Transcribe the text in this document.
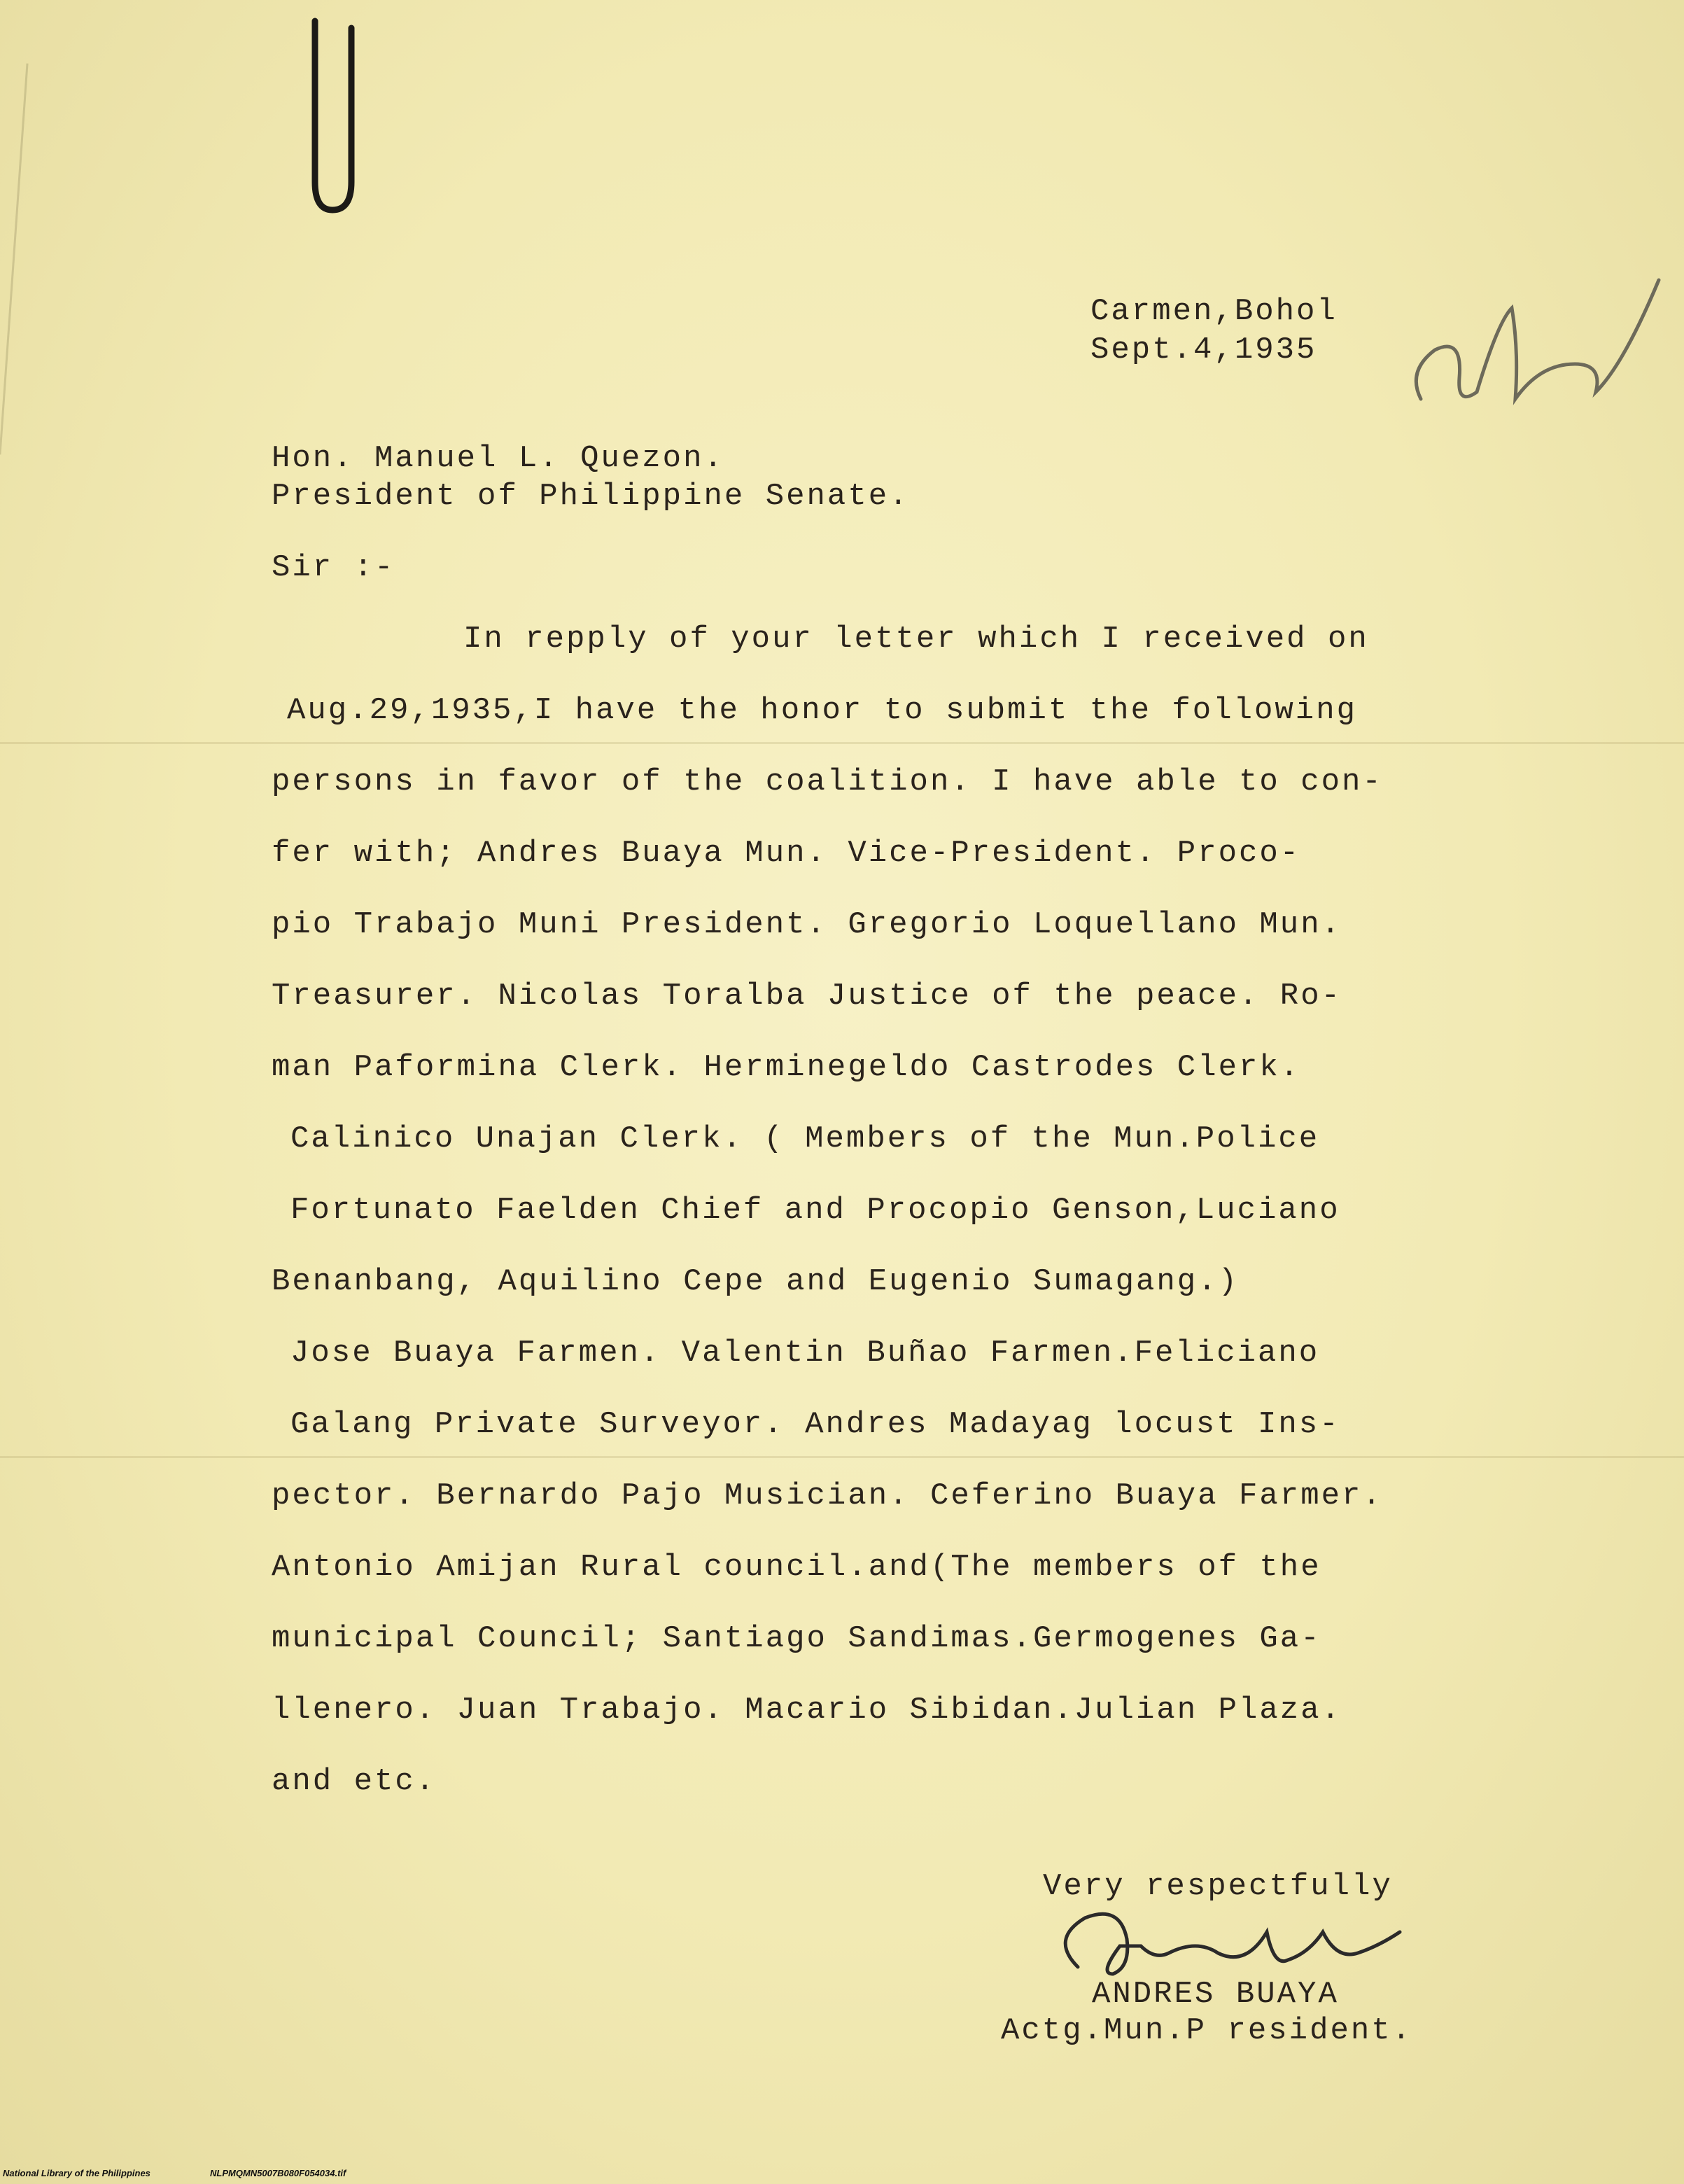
Carmen,Bohol
Sept.4,1935
Hon. Manuel L. Quezon.
President of Philippine Senate.
Sir :-
In repply of your letter which I received on
Aug.29,1935,I have the honor to submit the following
persons in favor of the coalition. I have able to con-
fer with; Andres Buaya Mun. Vice-President. Proco-
pio Trabajo Muni President. Gregorio Loquellano Mun.
Treasurer. Nicolas Toralba Justice of the peace. Ro-
man Paformina Clerk. Herminegeldo Castrodes Clerk.
Calinico Unajan Clerk. ( Members of the Mun.Police
Fortunato Faelden Chief and Procopio Genson,Luciano
Benanbang, Aquilino Cepe and Eugenio Sumagang.)
Jose Buaya Farmen. Valentin Buñao Farmen.Feliciano
Galang Private Surveyor. Andres Madayag locust Ins-
pector. Bernardo Pajo Musician. Ceferino Buaya Farmer.
Antonio Amijan Rural council.and(The members of the
municipal Council; Santiago Sandimas.Germogenes Ga-
llenero. Juan Trabajo. Macario Sibidan.Julian Plaza.
and etc.
Very respectfully
ANDRES BUAYA
Actg.Mun.P resident.
National Library of the Philippines	NLPMQMN5007B080F054034.tif
